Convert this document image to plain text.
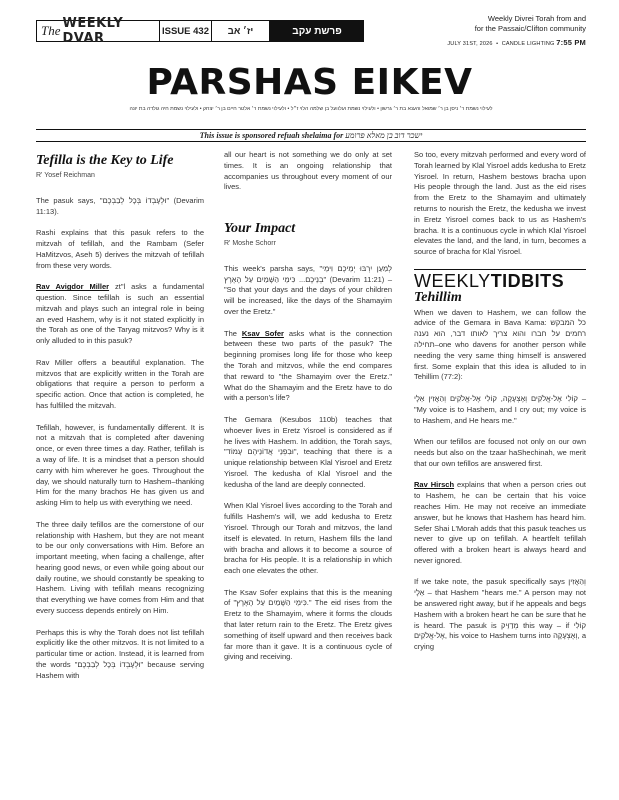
The WEEKLY DVAR	ISSUE 432	יז׳ אב	פרשת עקב
Weekly Divrei Torah from and
for the Passaic/Clifton community
JULY 31ST, 2026  •  CANDLE LIGHTING 7:55 PM
PARSHAS EIKEV
לעילוי נשמת ר׳ ניסן בן ר׳ שמואל והענא בת ר׳ גרשון • ולעילוי נשמת ועלוועל בן שלמה הלוי ז״ל • ולעילוי נשמת ר׳ אלטר חיים בן ר׳ יצחק • ולעילוי נשמת חיה גולדה בת יונה
This issue is sponsored refuah shelaima for ישכר דוב בן מאלא פרומע
Tefilla is the Key to Life
R' Yosef Reichman

The pasuk says, "וּלְעָבְדוֹ בְּכָל לְבַבְכֶם" (Devarim 11:13).

Rashi explains that this pasuk refers to the mitzvah of tefillah, and the Rambam (Sefer HaMitzvos, Aseh 5) derives the mitzvah of tefillah from these very words.

Rav Avigdor Miller zt"l asks a fundamental question. Since tefillah is such an essential mitzvah and plays such an integral role in being an eved Hashem, why is it not stated explicitly in the Torah as one of the Taryag mitzvos? Why is it only alluded to in this pasuk?

Rav Miller offers a beautiful explanation. The mitzvos that are explicitly written in the Torah are obligations that require a person to perform a specific action. Once that action is completed, he has fulfilled the mitzvah.

Tefillah, however, is fundamentally different. It is not a mitzvah that is completed after davening once, or even three times a day. Rather, tefillah is a way of life. It is a mindset that a person should carry with him wherever he goes. Throughout the day, we should naturally turn to Hashem–thanking Him for the many brachos He has given us and asking Him to help us with everything we need.

The three daily tefillos are the cornerstone of our relationship with Hashem, but they are not meant to be our only conversations with Him. Before an important meeting, when facing a challenge, after hearing good news, or even while going about our daily routine, we should constantly be speaking to Hashem. Living with tefillah means recognizing that everything we have comes from Him and that every success depends entirely on Him.

Perhaps this is why the Torah does not list tefillah explicitly like the other mitzvos. It is not limited to a particular time or action. Instead, it is learned from the words "וּלְעָבְדוֹ בְּכָל לְבַבְכֶם" because serving Hashem with

all our heart is not something we do only at set times. It is an ongoing relationship that accompanies us throughout every moment of our lives.

Your Impact
R' Moshe Schorr

This week's parsha says, "לְמַעַן יִרְבּוּ יְמֵיכֶם וִימֵי בְנֵיכֶם... כִּימֵי הַשָּׁמַיִם עַל הָאָרֶץ" (Devarim 11:21) – "So that your days and the days of your children will be increased, like the days of the Shamayim over the Eretz."

The Ksav Sofer asks what is the connection between these two parts of the pasuk? The beginning promises long life for those who keep the Torah and mitzvos, while the end compares that reward to "the Shamayim over the Eretz." What do the Shamayim and the Eretz have to do with a person's life?

The Gemara (Kesubos 110b) teaches that whoever lives in Eretz Yisroel is considered as if he lives with Hashem. In addition, the Torah says, "וּבִפְנֵי אֲדוֹנֵיהֶם עָמוֹד", teaching that there is a unique relationship between Klal Yisroel and Eretz Yisroel. The kedusha of Klal Yisroel and the kedusha of the land are deeply connected.

When Klal Yisroel lives according to the Torah and fulfills Hashem's will, we add kedusha to Eretz Yisroel. Through our Torah and mitzvos, the land itself is elevated. In return, Hashem fills the land with bracha and allows it to become a source of bracha for His people. It is a relationship in which each one elevates the other.

The Ksav Sofer explains that this is the meaning of "כִּימֵי הַשָּׁמַיִם עַל הָאָרֶץ." The eid rises from the Eretz to the Shamayim, where it forms the clouds that later return rain to the Eretz. The Eretz gives something of itself upward and then receives back far more than it gave. It is a continuous cycle of giving and receiving.

So too, every mitzvah performed and every word of Torah learned by Klal Yisroel adds kedusha to Eretz Yisroel. In return, Hashem bestows bracha upon His people through the land. Just as the eid rises from the Eretz to the Shamayim and ultimately returns to nourish the Eretz, the kedusha we invest in Eretz Yisroel comes back to us as Hashem's bracha. It is a continuous cycle in which Klal Yisroel elevates the land, and the land, in turn, becomes a source of bracha for Klal Yisroel.

WEEKLYTIDBITS
Tehillim

When we daven to Hashem, we can follow the advice of the Gemara in Bava Kama: כל המבקש רחמים על חברו והוא צריך לאותו דבר, הוא נענה תחילה–one who davens for another person while needing the very same thing himself is answered first. Some explain that this idea is alluded to in Tehillim (77:2):

קוֹלִי אֶל-אֱלֹקִים וְאֶצְעָקָה, קוֹלִי אֶל-אֱלֹקִים וְהַאֲזִין אֵלָי – "My voice is to Hashem, and I cry out; my voice is to Hashem, and He hears me."

When our tefillos are focused not only on our own needs but also on the tzaar haShechinah, we merit that our own tefillos are answered first.

Rav Hirsch explains that when a person cries out to Hashem, he can be certain that his voice reaches Him. He may not receive an immediate answer, but he knows that Hashem has heard him. Sefer Shai L'Morah adds that this pasuk teaches us never to give up on tefillah. A heartfelt tefillah offered with a broken heart is always heard and never ignored.

If we take note, the pasuk specifically says וְהַאֲזִין אֵלָי – that Hashem "hears me." A person may not be answered right away, but if he appeals and begs Hashem with a broken heart he can be sure that he is heard. The pasuk is מְדַוֵּיק this way – if קוֹלִי אֶל-אֱלֹקִים, his voice to Hashem turns into וְאֶצְעָקָה, a crying
